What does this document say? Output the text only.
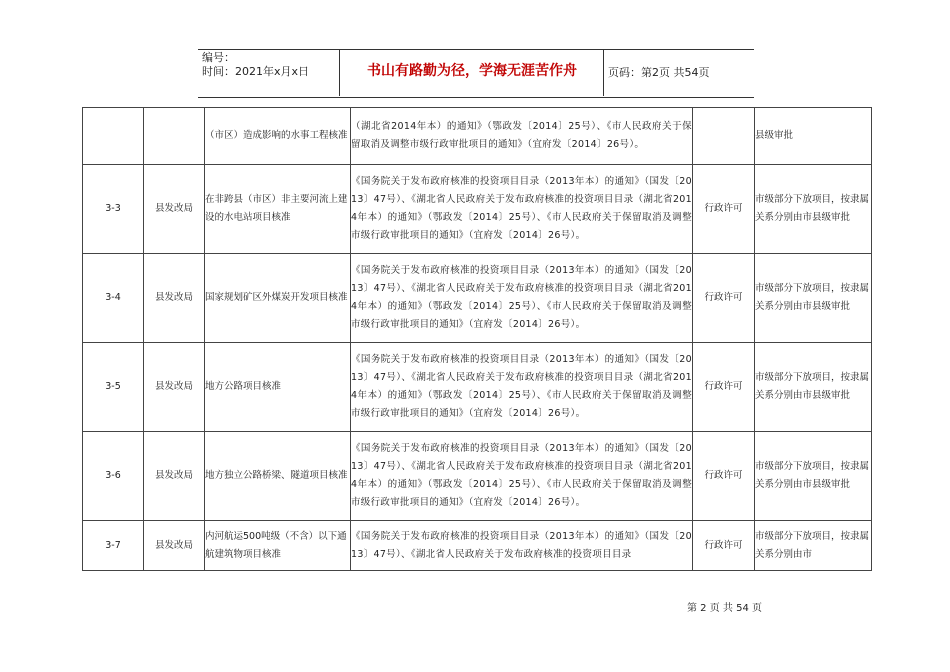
编号：
时间：2021年x月x日	书山有路勤为径，学海无涯苦作舟	页码：第2页 共54页
		（市区）造成影响的水事工程核准	（湖北省2014年本）的通知》（鄂政发〔2014〕25号）、《市人民政府关于保留取消及调整市级行政审批项目的通知》（宜府发〔2014〕26号）。		县级审批
3-3	县发改局	在非跨县（市区）非主要河流上建设的水电站项目核准	《国务院关于发布政府核准的投资项目目录（2013年本）的通知》（国发〔2013〕47号）、《湖北省人民政府关于发布政府核准的投资项目目录（湖北省2014年本）的通知》（鄂政发〔2014〕25号）、《市人民政府关于保留取消及调整市级行政审批项目的通知》（宜府发〔2014〕26号）。	行政许可	市级部分下放项目，按隶属关系分别由市县级审批
3-4	县发改局	国家规划矿区外煤炭开发项目核准	《国务院关于发布政府核准的投资项目目录（2013年本）的通知》（国发〔2013〕47号）、《湖北省人民政府关于发布政府核准的投资项目目录（湖北省2014年本）的通知》（鄂政发〔2014〕25号）、《市人民政府关于保留取消及调整市级行政审批项目的通知》（宜府发〔2014〕26号）。	行政许可	市级部分下放项目，按隶属关系分别由市县级审批
3-5	县发改局	地方公路项目核准	《国务院关于发布政府核准的投资项目目录（2013年本）的通知》（国发〔2013〕47号）、《湖北省人民政府关于发布政府核准的投资项目目录（湖北省2014年本）的通知》（鄂政发〔2014〕25号）、《市人民政府关于保留取消及调整市级行政审批项目的通知》（宜府发〔2014〕26号）。	行政许可	市级部分下放项目，按隶属关系分别由市县级审批
3-6	县发改局	地方独立公路桥梁、隧道项目核准	《国务院关于发布政府核准的投资项目目录（2013年本）的通知》（国发〔2013〕47号）、《湖北省人民政府关于发布政府核准的投资项目目录（湖北省2014年本）的通知》（鄂政发〔2014〕25号）、《市人民政府关于保留取消及调整市级行政审批项目的通知》（宜府发〔2014〕26号）。	行政许可	市级部分下放项目，按隶属关系分别由市县级审批
3-7	县发改局	内河航运500吨级（不含）以下通航建筑物项目核准	《国务院关于发布政府核准的投资项目目录（2013年本）的通知》（国发〔2013〕47号）、《湖北省人民政府关于发布政府核准的投资项目目录	行政许可	市级部分下放项目，按隶属关系分别由市
第 2 页 共 54 页
